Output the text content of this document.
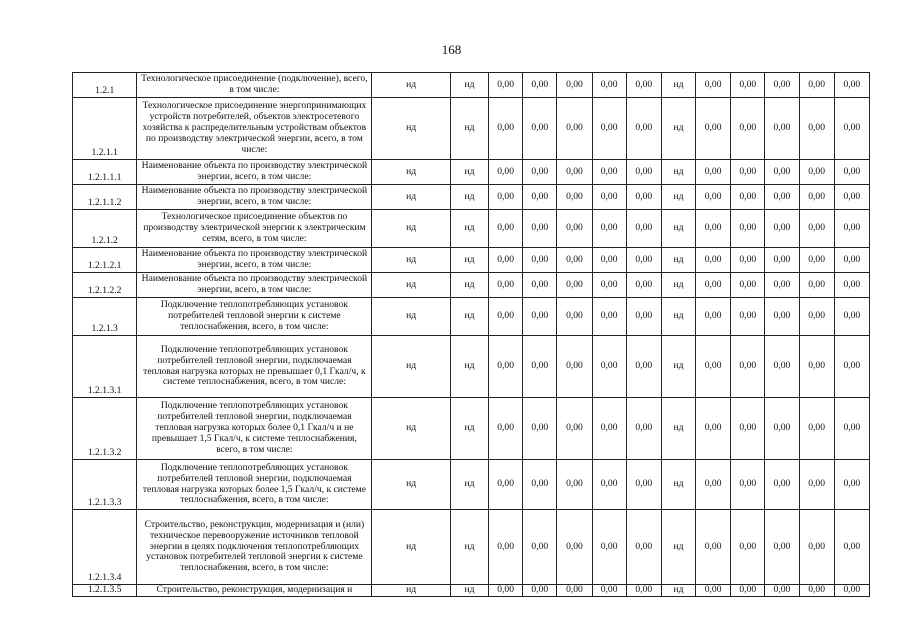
168
1.2.1	Технологическое присоединение (подключение), всего, в том числе:	нд	нд	0,00	0,00	0,00	0,00	0,00	нд	0,00	0,00	0,00	0,00	0,00
1.2.1.1	Технологическое присоединение энергопринимающих устройств потребителей, объектов электросетевого хозяйства к распределительным устройствам объектов по производству электрической энергии, всего, в том числе:	нд	нд	0,00	0,00	0,00	0,00	0,00	нд	0,00	0,00	0,00	0,00	0,00
1.2.1.1.1	Наименование объекта по производству электрической энергии, всего, в том числе:	нд	нд	0,00	0,00	0,00	0,00	0,00	нд	0,00	0,00	0,00	0,00	0,00
1.2.1.1.2	Наименование объекта по производству электрической энергии, всего, в том числе:	нд	нд	0,00	0,00	0,00	0,00	0,00	нд	0,00	0,00	0,00	0,00	0,00
1.2.1.2	Технологическое присоединение объектов по производству электрической энергии к электрическим сетям, всего, в том числе:	нд	нд	0,00	0,00	0,00	0,00	0,00	нд	0,00	0,00	0,00	0,00	0,00
1.2.1.2.1	Наименование объекта по производству электрической энергии, всего, в том числе:	нд	нд	0,00	0,00	0,00	0,00	0,00	нд	0,00	0,00	0,00	0,00	0,00
1.2.1.2.2	Наименование объекта по производству электрической энергии, всего, в том числе:	нд	нд	0,00	0,00	0,00	0,00	0,00	нд	0,00	0,00	0,00	0,00	0,00
1.2.1.3	Подключение теплопотребляющих установок потребителей тепловой энергии к системе теплоснабжения, всего, в том числе:	нд	нд	0,00	0,00	0,00	0,00	0,00	нд	0,00	0,00	0,00	0,00	0,00
1.2.1.3.1	Подключение теплопотребляющих установок потребителей тепловой энергии, подключаемая тепловая нагрузка которых не превышает 0,1 Гкал/ч, к системе теплоснабжения, всего, в том числе:	нд	нд	0,00	0,00	0,00	0,00	0,00	нд	0,00	0,00	0,00	0,00	0,00
1.2.1.3.2	Подключение теплопотребляющих установок потребителей тепловой энергии, подключаемая тепловая нагрузка которых более 0,1 Гкал/ч и не превышает 1,5 Гкал/ч, к системе теплоснабжения, всего, в том числе:	нд	нд	0,00	0,00	0,00	0,00	0,00	нд	0,00	0,00	0,00	0,00	0,00
1.2.1.3.3	Подключение теплопотребляющих установок потребителей тепловой энергии, подключаемая тепловая нагрузка которых более 1,5 Гкал/ч, к системе теплоснабжения, всего, в том числе:	нд	нд	0,00	0,00	0,00	0,00	0,00	нд	0,00	0,00	0,00	0,00	0,00
1.2.1.3.4	Строительство, реконструкция, модернизация и (или) техническое перевооружение источников тепловой энергии в целях подключения теплопотребляющих установок потребителей тепловой энергии к системе теплоснабжения, всего, в том числе:	нд	нд	0,00	0,00	0,00	0,00	0,00	нд	0,00	0,00	0,00	0,00	0,00
1.2.1.3.5	Строительство, реконструкция, модернизация и	нд	нд	0,00	0,00	0,00	0,00	0,00	нд	0,00	0,00	0,00	0,00	0,00
